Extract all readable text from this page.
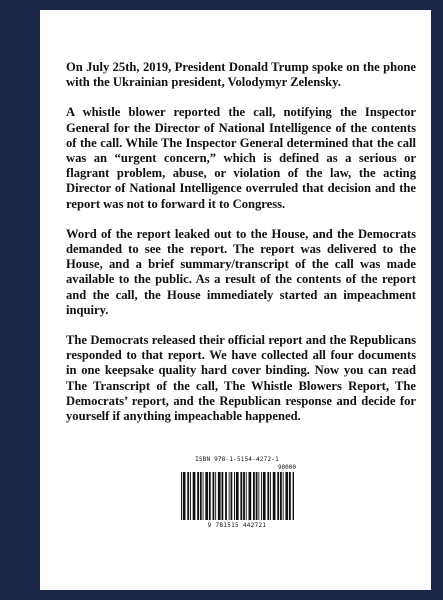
On July 25th, 2019, President Donald Trump spoke on the phone with the Ukrainian president, Volodymyr Zelensky.

A whistle blower reported the call, notifying the Inspector General for the Director of National Intelligence of the contents of the call. While The Inspector General determined that the call was an “urgent concern,” which is defined as a serious or flagrant problem, abuse, or violation of the law, the acting Director of National Intelligence overruled that decision and the report was not to forward it to Congress.

Word of the report leaked out to the House, and the Democrats demanded to see the report. The report was delivered to the House, and a brief summary/transcript of the call was made available to the public. As a result of the contents of the report and the call, the House immediately started an impeachment inquiry.

The Democrats released their official report and the Republicans responded to that report. We have collected all four documents in one keepsake quality hard cover binding. Now you can read The Transcript of the call, The Whistle Blowers Report, The Democrats’ report, and the Republican response and decide for yourself if anything impeachable happened.

ISBN 978-1-5154-4272-1
90000
9 781515 442721
